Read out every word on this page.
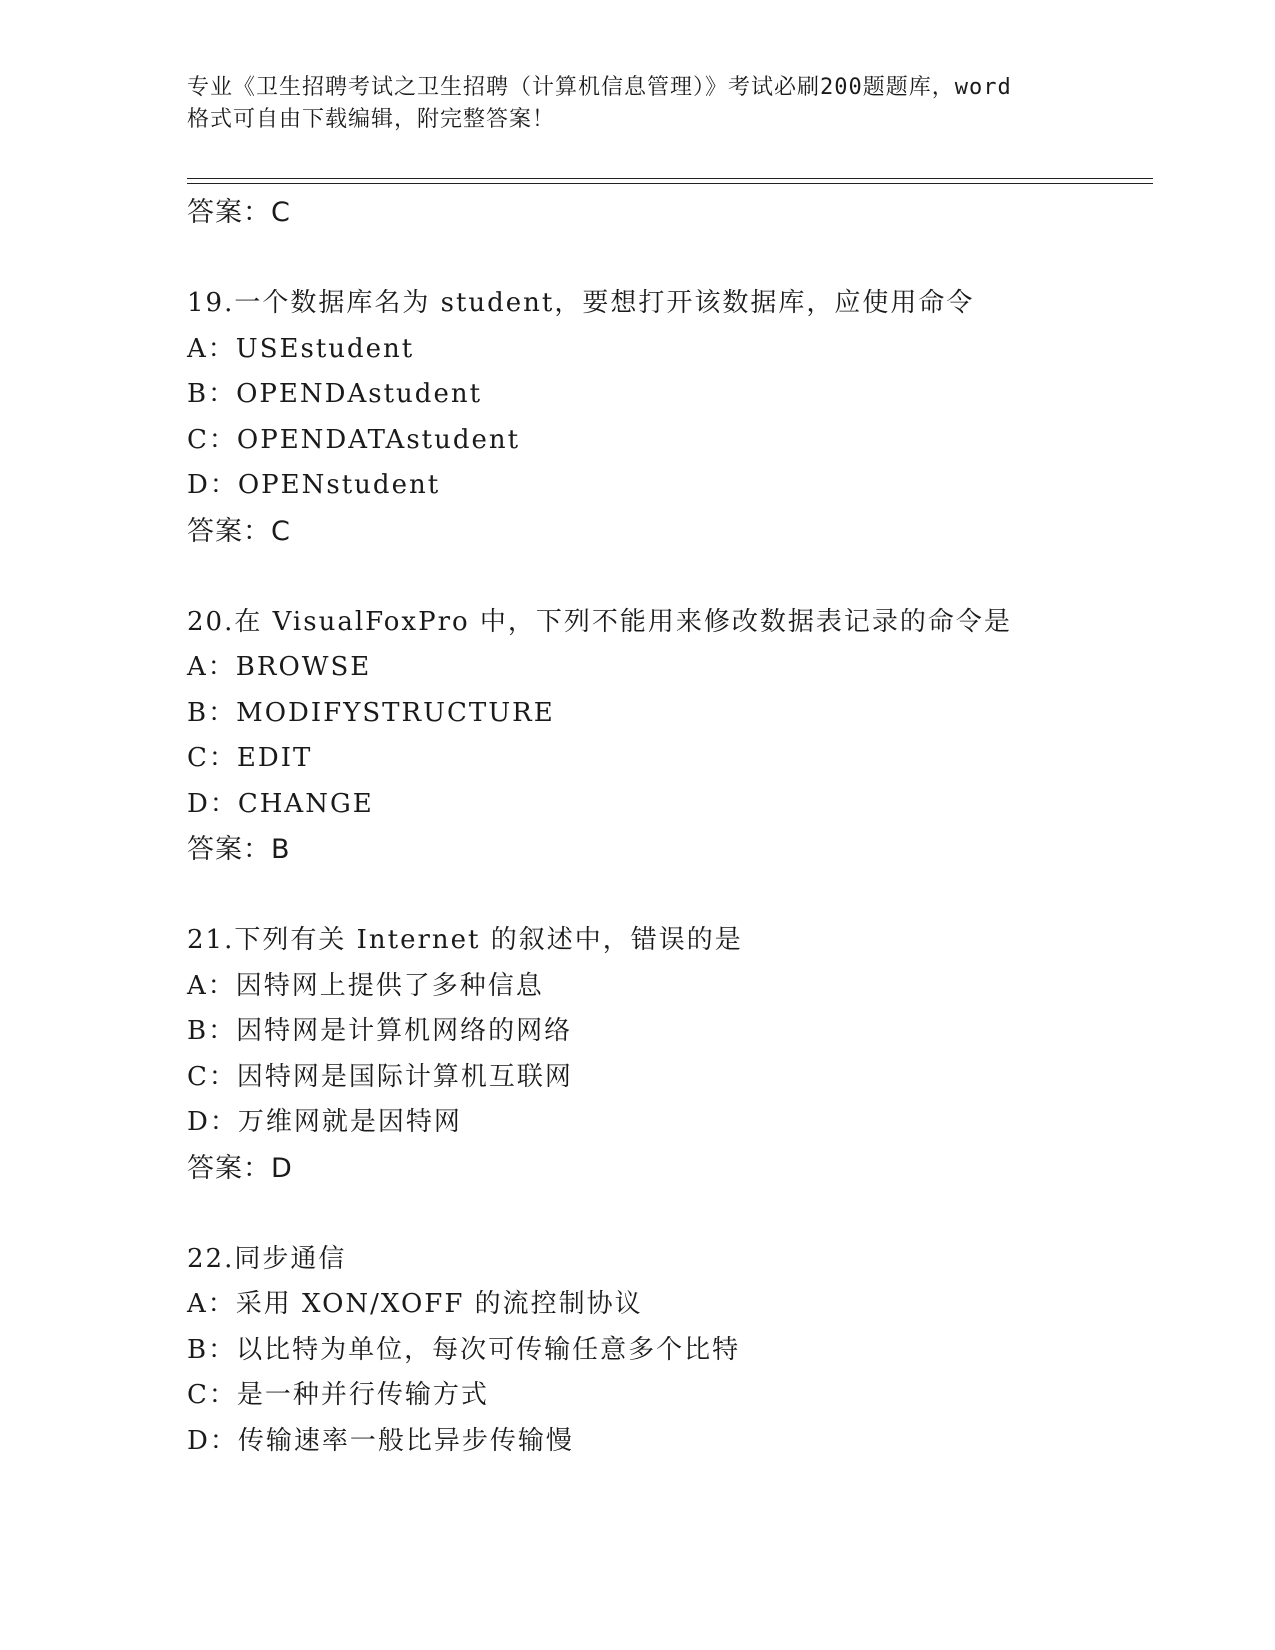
专业《卫生招聘考试之卫生招聘（计算机信息管理）》考试必刷200题题库，word
格式可自由下载编辑，附完整答案！
答案：C
19.一个数据库名为 student，要想打开该数据库，应使用命令
A：USEstudent
B：OPENDAstudent
C：OPENDATAstudent
D：OPENstudent
答案：C
20.在 VisualFoxPro 中，下列不能用来修改数据表记录的命令是
A：BROWSE
B：MODIFYSTRUCTURE
C：EDIT
D：CHANGE
答案：B
21.下列有关 Internet 的叙述中，错误的是
A：因特网上提供了多种信息
B：因特网是计算机网络的网络
C：因特网是国际计算机互联网
D：万维网就是因特网
答案：D
22.同步通信
A：采用 XON/XOFF 的流控制协议
B：以比特为单位，每次可传输任意多个比特
C：是一种并行传输方式
D：传输速率一般比异步传输慢
